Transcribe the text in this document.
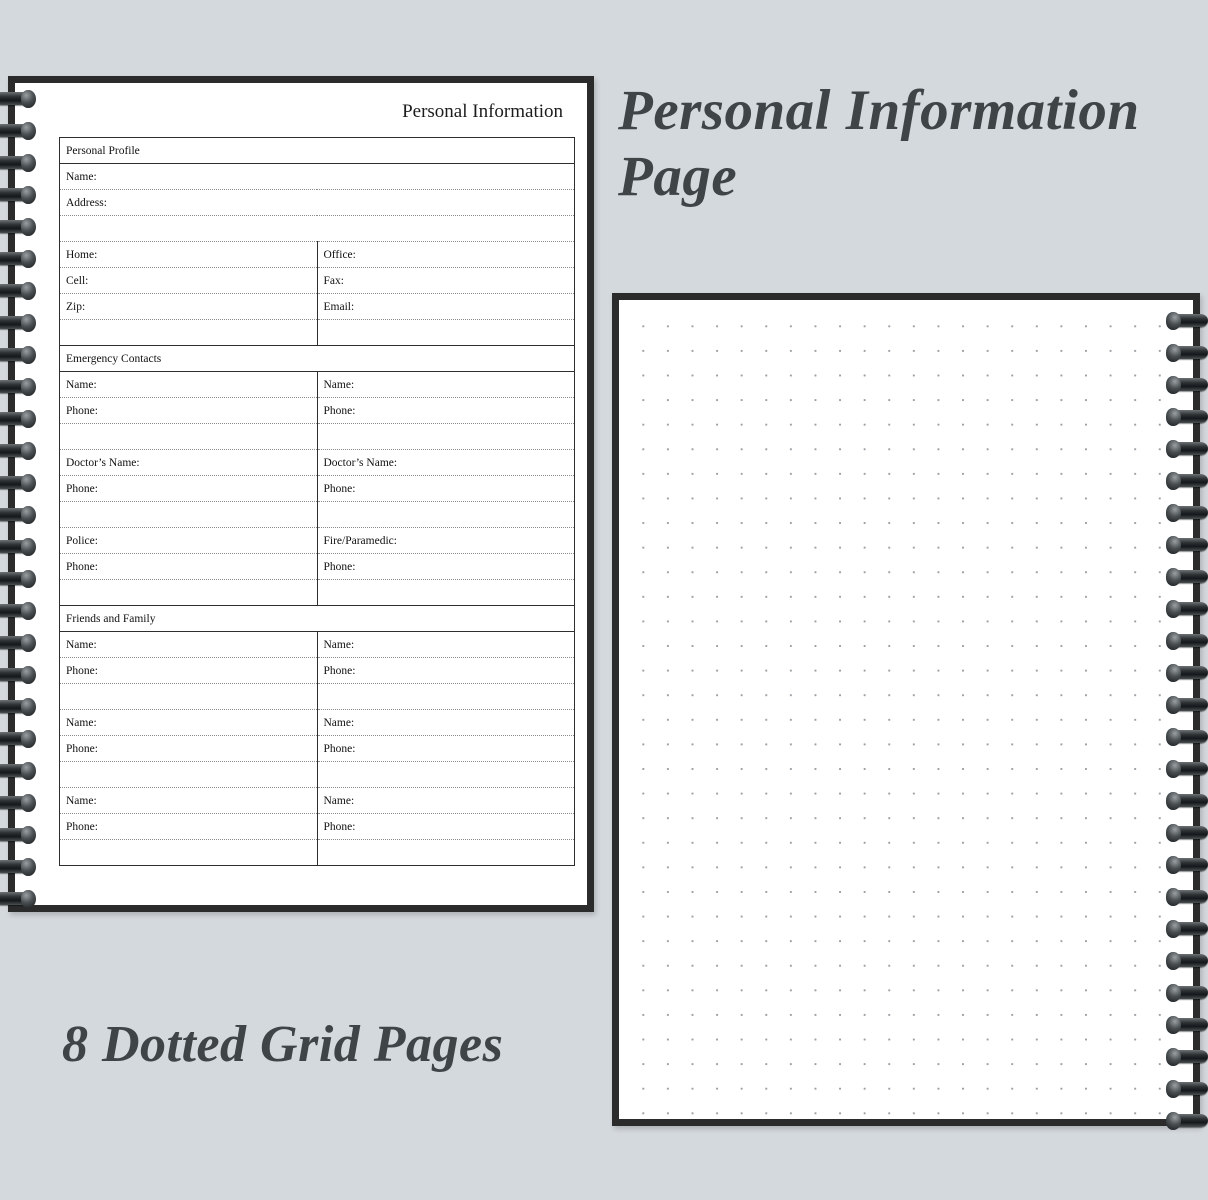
Personal Information
Personal Profile	
Name:	
Address:	

Home:	Office:
Cell:	Fax:
Zip:	Email:

Emergency Contacts	
Name:	Name:
Phone:	Phone:

Doctor’s Name:	Doctor’s Name:
Phone:	Phone:

Police:	Fire/Paramedic:
Phone:	Phone:

Friends and Family	
Name:	Name:
Phone:	Phone:

Name:	Name:
Phone:	Phone:

Name:	Name:
Phone:	Phone:

Personal Information Page
8 Dotted Grid Pages
